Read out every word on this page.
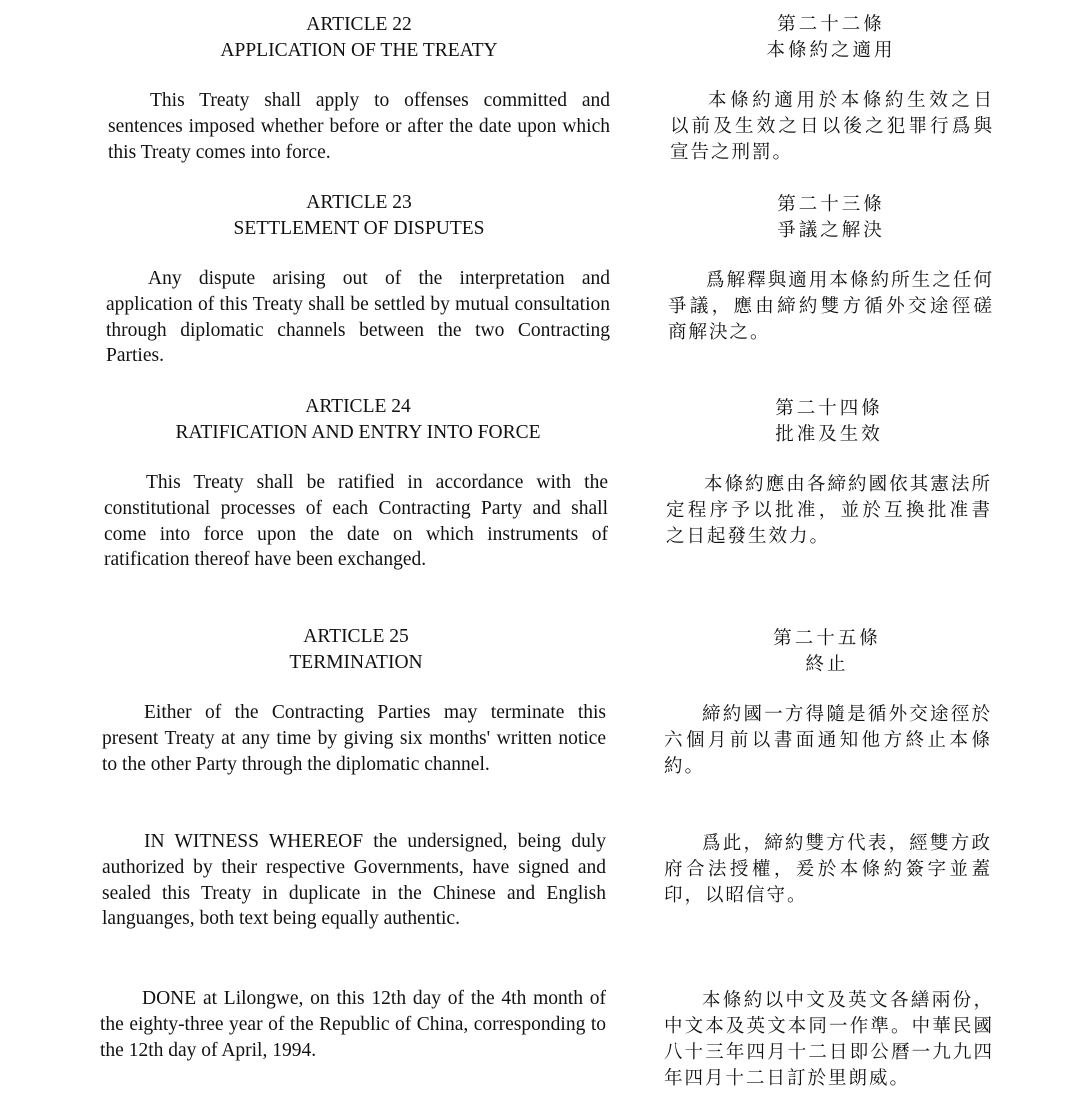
ARTICLE 22

APPLICATION OF THE TREATY

This Treaty shall apply to offenses committed and sentences imposed whether before or after the date upon which this Treaty comes into force.

第二十二條

本條約之適用

本條約適用於本條約生效之日以前及生效之日以後之犯罪行爲與宣告之刑罰。

ARTICLE 23

SETTLEMENT OF DISPUTES

Any dispute arising out of the interpretation and application of this Treaty shall be settled by mutual consultation through diplomatic channels between the two Contracting Parties.

第二十三條

爭議之解決

爲解釋與適用本條約所生之任何爭議，應由締約雙方循外交途徑磋商解決之。

ARTICLE 24

RATIFICATION AND ENTRY INTO FORCE

This Treaty shall be ratified in accordance with the constitutional processes of each Contracting Party and shall come into force upon the date on which instruments of ratification thereof have been exchanged.

第二十四條

批准及生效

本條約應由各締約國依其憲法所定程序予以批准，並於互換批准書之日起發生效力。

ARTICLE 25

TERMINATION

Either of the Contracting Parties may terminate this present Treaty at any time by giving six months' written notice to the other Party through the diplomatic channel.

第二十五條

終止

締約國一方得隨是循外交途徑於六個月前以書面通知他方終止本條約。

IN WITNESS WHEREOF the undersigned, being duly authorized by their respective Governments, have signed and sealed this Treaty in duplicate in the Chinese and English languanges, both text being equally authentic.

爲此，締約雙方代表，經雙方政府合法授權，爰於本條約簽字並蓋印，以昭信守。

DONE at Lilongwe, on this 12th day of the 4th month of the eighty-three year of the Republic of China, corresponding to the 12th day of April, 1994.

本條約以中文及英文各繕兩份，中文本及英文本同一作準。中華民國八十三年四月十二日即公曆一九九四年四月十二日訂於里朗威。
